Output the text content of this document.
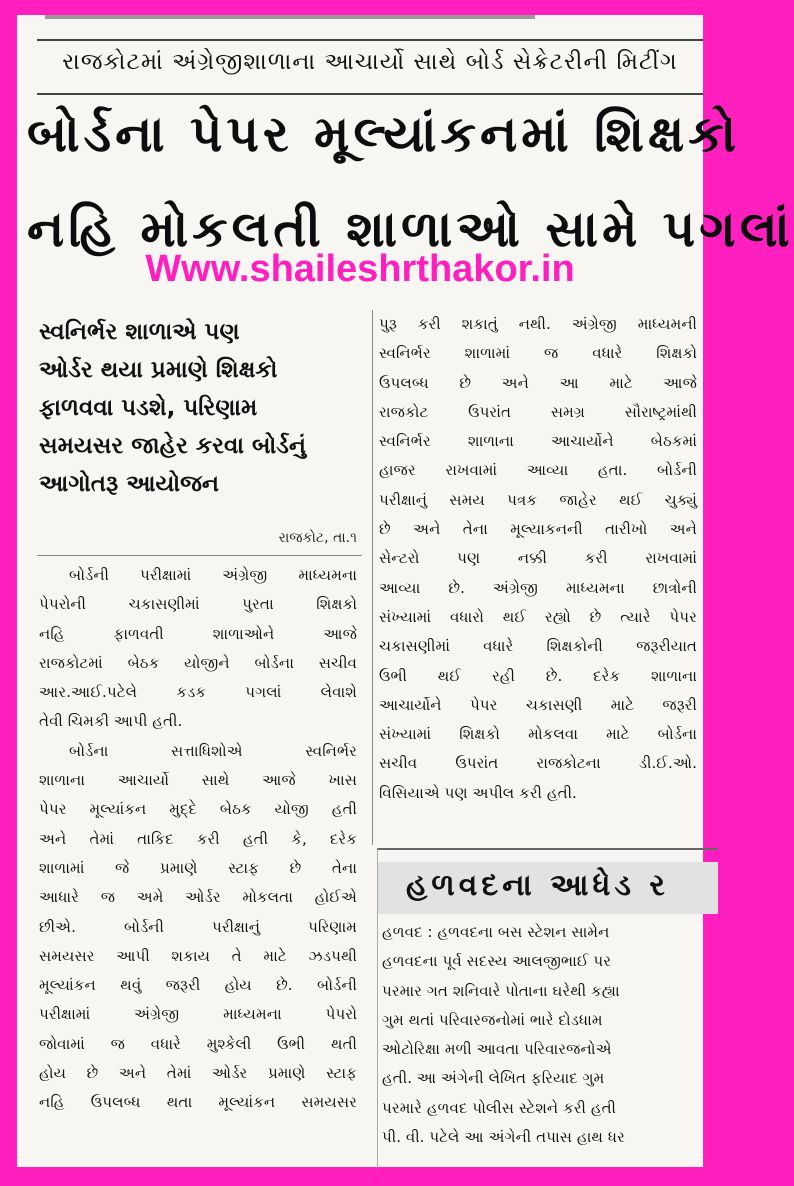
રાજકોટમાં અંગ્રેજીશાળાના આચાર્યો સાથે બોર્ડ સેક્રેટરીની મિટીંગ
બોર્ડના પેપર મૂલ્યાંકનમાં શિક્ષકો
નહિ મોકલતી શાળાઓ સામે પગલાં
સ્વનિર્ભર શાળાએ પણ
ઓર્ડર થયા પ્રમાણે શિક્ષકો
ફાળવવા પડશે, પરિણામ
સમયસર જાહેર કરવા બોર્ડનું
આગોતરૂ આયોજન
રાજકોટ, તા.૧
બોર્ડની પરીક્ષામાં અંગ્રેજી માધ્યમના
પેપરોની ચકાસણીમાં પુરતા શિક્ષકો
નહિ ફાળવતી શાળાઓને આજે
રાજકોટમાં બેઠક યોજીને બોર્ડના સચીવ
આર.આઈ.પટેલે કડક પગલાં લેવાશે
તેવી ચિમકી આપી હતી.
બોર્ડના સત્તાધિશોએ સ્વનિર્ભર
શાળાના આચાર્યો સાથે આજે ખાસ
પેપર મૂલ્યાંકન મુદ્દે બેઠક યોજી હતી
અને તેમાં તાકિદ કરી હતી કે, દરેક
શાળામાં જે પ્રમાણે સ્ટાફ છે તેના
આધારે જ અમે ઓર્ડર મોકલતા હોઈએ
છીએ. બોર્ડની પરીક્ષાનું પરિણામ
સમયસર આપી શકાય તે માટે ઝડપથી
મૂલ્યાંકન થવું જરૂરી હોય છે. બોર્ડની
પરીક્ષામાં અંગ્રેજી માધ્યમના પેપરો
જોવામાં જ વધારે મુશ્કેલી ઉભી થતી
હોય છે અને તેમાં ઓર્ડર પ્રમાણે સ્ટાફ
નહિ ઉપલબ્ધ થતા મૂલ્યાંકન સમયસર
પુરૂ કરી શકાતું નથી. અંગ્રેજી માધ્યમની
સ્વનિર્ભર શાળામાં જ વધારે શિક્ષકો
ઉપલબ્ધ છે અને આ માટે આજે
રાજકોટ ઉપરાંત સમગ્ર સૌરાષ્ટ્રમાંથી
સ્વનિર્ભર શાળાના આચાર્યોને બેઠકમાં
હાજર રાખવામાં આવ્યા હતા. બોર્ડની
પરીક્ષાનું સમય પત્રક જાહેર થઈ ચુક્યું
છે અને તેના મૂલ્યાકનની તારીખો અને
સેન્ટરો પણ નક્કી કરી રાખવામાં
આવ્યા છે. અંગ્રેજી માધ્યમના છાત્રોની
સંખ્યામાં વધારો થઈ રહ્યો છે ત્યારે પેપર
ચકાસણીમાં વધારે શિક્ષકોની જરૂરીયાત
ઉભી થઈ રહી છે. દરેક શાળાના
આચાર્યોને પેપર ચકાસણી માટે જરૂરી
સંખ્યામાં શિક્ષકો મોકલવા માટે બોર્ડના
સચીવ ઉપરાંત રાજકોટના ડી.ઈ.ઓ.
વિસિયાએ પણ અપીલ કરી હતી.
હળવદના આધેડ ર
હળવદ : હળવદના બસ સ્ટેશન સામેન
હળવદના પૂર્વ સદસ્ય આલજીભાઈ પર
પરમાર ગત શનિવારે પોતાના ઘરેથી કહ્યા
ગુમ થતાં પરિવારજનોમાં ભારે દોડધામ
ઓટોરિક્ષા મળી આવતા પરિવારજનોએ
હતી. આ અંગેની લેખિત ફરિયાદ ગુમ
પરમારે હળવદ પોલીસ સ્ટેશને કરી હતી
પી. વી. પટેલે આ અંગેની તપાસ હાથ ધર
Www.shaileshrthakor.in
